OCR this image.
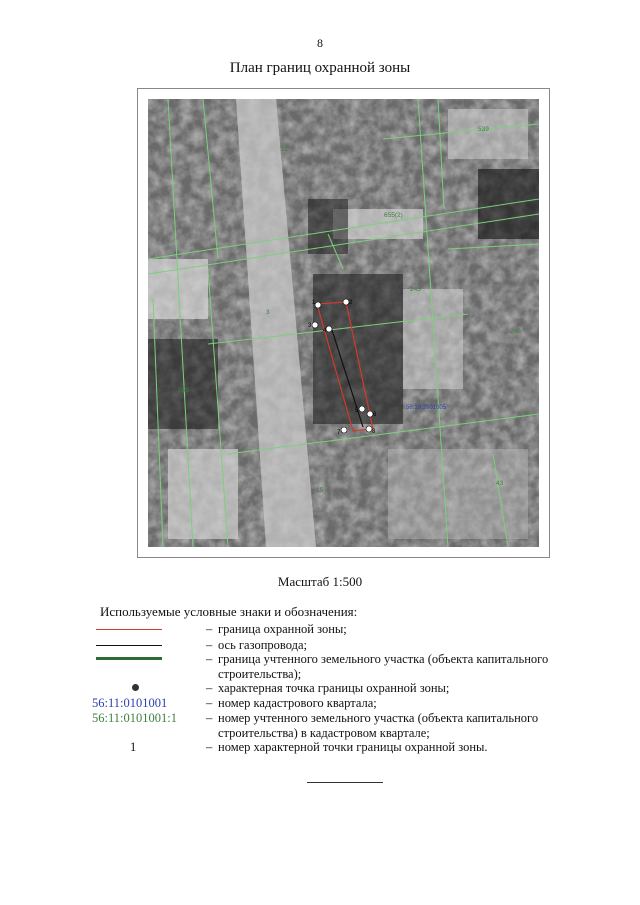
8
План границ охранной зоны
1	2
3
4
5
6
7	8
11
539
655(2)
3
245
246
555
15
43
56:18:3901005
Масштаб 1:500
Используемые условные знаки и обозначения:
– граница охранной зоны;
– ось газопровода;
– граница учтенного земельного участка (объекта капитального строительства);
– характерная точка границы охранной зоны;
56:11:0101001	– номер кадастрового квартала;
56:11:0101001:1 – номер учтенного земельного участка (объекта капитального строительства) в кадастровом квартале;
1	– номер характерной точки границы охранной зоны.
